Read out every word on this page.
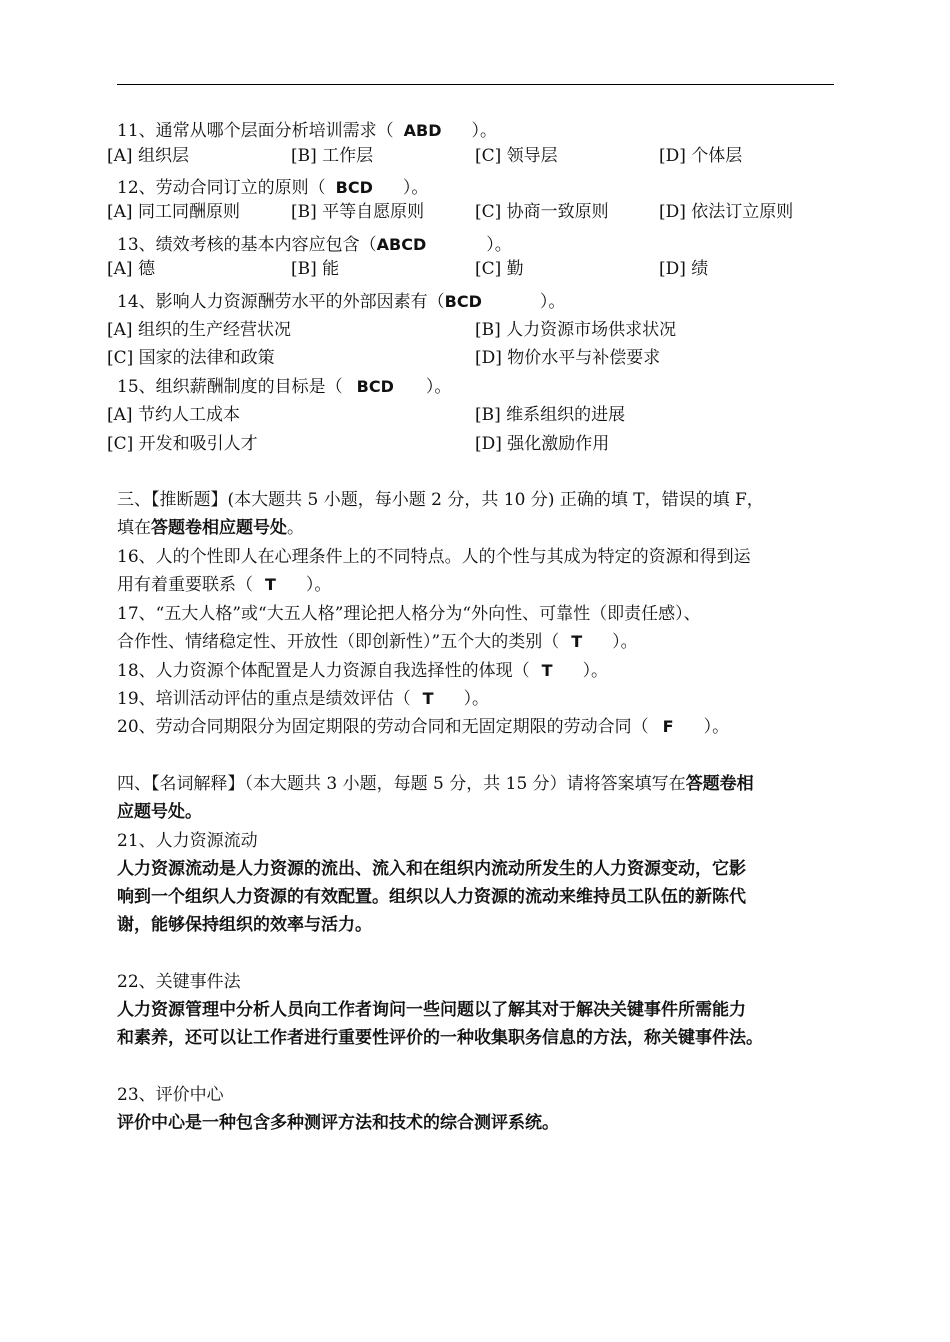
11、通常从哪个层面分析培训需求（ ABD ）。
[A] 组织层	[B] 工作层	[C] 领导层	[D] 个体层
12、劳动合同订立的原则（ BCD ）。
[A] 同工同酬原则	[B] 平等自愿原则	[C] 协商一致原则	[D] 依法订立原则
13、绩效考核的基本内容应包含（ABCD	）。
[A] 德	[B] 能	[C] 勤	[D] 绩
14、影响人力资源酬劳水平的外部因素有（BCD	）。
[A] 组织的生产经营状况	[B] 人力资源市场供求状况
[C] 国家的法律和政策	[D] 物价水平与补偿要求
15、组织薪酬制度的目标是（ BCD ）。
[A] 节约人工成本	[B] 维系组织的进展
[C] 开发和吸引人才	[D] 强化激励作用
三、【推断题】(本大题共 5 小题，每小题 2 分，共 10 分) 正确的填 T，错误的填 F，
填在答题卷相应题号处。
16、人的个性即人在心理条件上的不同特点。人的个性与其成为特定的资源和得到运
用有着重要联系（ T ）。
17、“五大人格”或“大五人格”理论把人格分为“外向性、可靠性（即责任感）、
合作性、情绪稳定性、开放性（即创新性）”五个大的类别（ T ）。
18、人力资源个体配置是人力资源自我选择性的体现（ T ）。
19、培训活动评估的重点是绩效评估（ T ）。
20、劳动合同期限分为固定期限的劳动合同和无固定期限的劳动合同（ F ）。
四、【名词解释】（本大题共 3 小题，每题 5 分，共 15 分）请将答案填写在答题卷相
应题号处。
21、人力资源流动
人力资源流动是人力资源的流出、流入和在组织内流动所发生的人力资源变动，它影
响到一个组织人力资源的有效配置。组织以人力资源的流动来维持员工队伍的新陈代
谢，能够保持组织的效率与活力。
22、关键事件法
人力资源管理中分析人员向工作者询问一些问题以了解其对于解决关键事件所需能力
和素养，还可以让工作者进行重要性评价的一种收集职务信息的方法，称关键事件法。
23、评价中心
评价中心是一种包含多种测评方法和技术的综合测评系统。
